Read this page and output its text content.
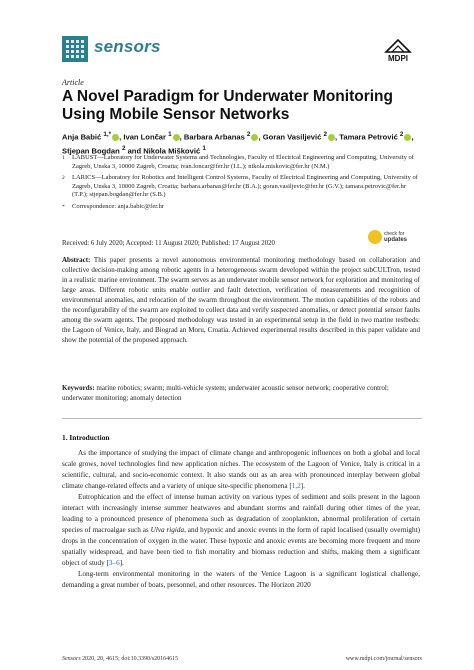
sensors
MDPI
Article
A Novel Paradigm for Underwater Monitoring Using Mobile Sensor Networks
Anja Babić $^{1,*}$ , Ivan Lončar $^1$ , Barbara Arbanas $^2$ , Goran Vasiljević $^2$ , Tamara Petrović $^2$ ,
Stjepan Bogdan $^2$ and Nikola Mišković $^1$
1 LABUST—Laboratory for Underwater Systems and Technologies, Faculty of Electrical Engineering and Computing, University of Zagreb, Unska 3, 10000 Zagreb, Croatia; ivan.loncar@fer.hr (I.L.); nikola.miskovic@fer.hr (N.M.)
2 LARICS—Laboratory for Robotics and Intelligent Control Systems, Faculty of Electrical Engineering and Computing, University of Zagreb, Unska 3, 10000 Zagreb, Croatia; barbara.arbanas@fer.hr (B.A.); goran.vasiljevic@fer.hr (G.V.); tamara.petrovic@fer.hr (T.P.); stjepan.bogdan@fer.hr (S.B.)
* Correspondence: anja.babic@fer.hr
check for
updates
Received: 6 July 2020; Accepted: 11 August 2020; Published: 17 August 2020
Abstract: This paper presents a novel autonomous environmental monitoring methodology based on collaboration and collective decision-making among robotic agents in a heterogeneous swarm developed within the project subCULTron, tested in a realistic marine environment. The swarm serves as an underwater mobile sensor network for exploration and monitoring of large areas. Different robotic units enable outlier and fault detection, verification of measurements and recognition of environmental anomalies, and relocation of the swarm throughout the environment. The motion capabilities of the robots and the reconfigurability of the swarm are exploited to collect data and verify suspected anomalies, or detect potential sensor faults among the swarm agents. The proposed methodology was tested in an experimental setup in the field in two marine testbeds: the Lagoon of Venice, Italy, and Biograd an Moru, Croatia. Achieved experimental results described in this paper validate and show the potential of the proposed approach.
Keywords: marine robotics; swarm; multi-vehicle system; underwater acoustic sensor network; cooperative control; underwater monitoring; anomaly detection
1. Introduction

As the importance of studying the impact of climate change and anthropogenic influences on both a global and local scale grows, novel technologies find new application niches. The ecosystem of the Lagoon of Venice, Italy is critical in a scientific, cultural, and socio-economic context. It also stands out as an area with pronounced interplay between global climate change-related effects and a variety of unique site-specific phenomena [1,2].

Eutrophication and the effect of intense human activity on various types of sediment and soils present in the lagoon interact with increasingly intense summer heatwaves and abundant storms and rainfall during other times of the year, leading to a pronounced presence of phenomena such as degradation of zooplankton, abnormal proliferation of certain species of macroalgae such as Ulva rigida, and hypoxic and anoxic events in the form of rapid localised (usually overnight) drops in the concentration of oxygen in the water. These hypoxic and anoxic events are becoming more frequent and more spatially widespread, and have been tied to fish mortality and biomass reduction and shifts, making them a significant object of study [3–6].

Long-term environmental monitoring in the waters of the Venice Lagoon is a significant logistical challenge, demanding a great number of boats, personnel, and other resources. The Horizon 2020

Sensors 2020, 20, 4615; doi:10.3390/s20164615	www.mdpi.com/journal/sensors
